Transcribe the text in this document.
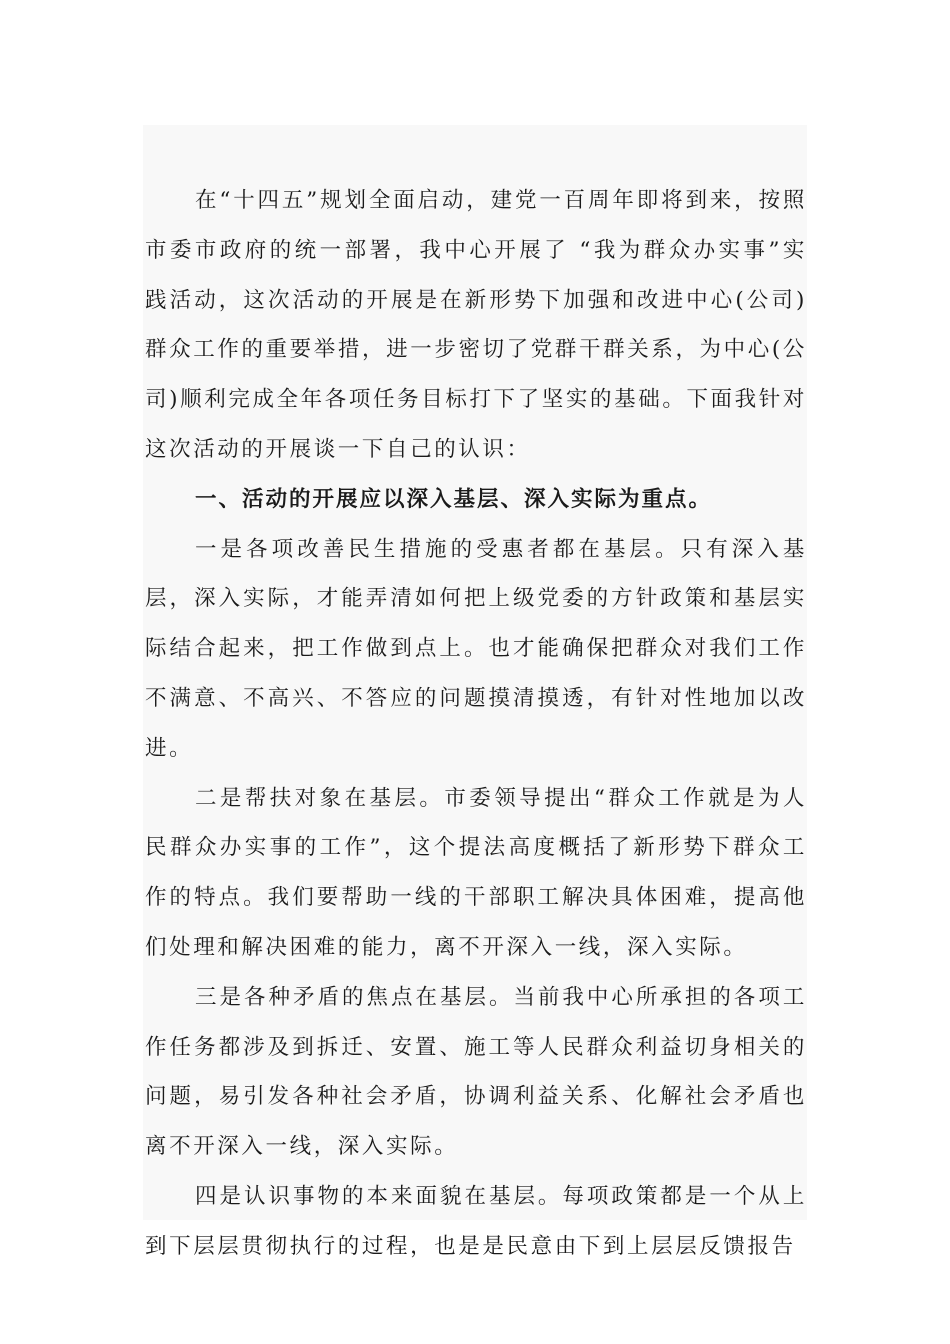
在“十四五”规划全面启动，建党一百周年即将到来，按照市委市政府的统一部署，我中心开展了 “我为群众办实事”实践活动，这次活动的开展是在新形势下加强和改进中心(公司)群众工作的重要举措，进一步密切了党群干群关系，为中心(公司)顺利完成全年各项任务目标打下了坚实的基础。下面我针对这次活动的开展谈一下自己的认识：

一、活动的开展应以深入基层、深入实际为重点。

一是各项改善民生措施的受惠者都在基层。只有深入基层，深入实际，才能弄清如何把上级党委的方针政策和基层实际结合起来，把工作做到点上。也才能确保把群众对我们工作不满意、不高兴、不答应的问题摸清摸透，有针对性地加以改进。

二是帮扶对象在基层。市委领导提出“群众工作就是为人民群众办实事的工作”，这个提法高度概括了新形势下群众工作的特点。我们要帮助一线的干部职工解决具体困难，提高他们处理和解决困难的能力，离不开深入一线，深入实际。

三是各种矛盾的焦点在基层。当前我中心所承担的各项工作任务都涉及到拆迁、安置、施工等人民群众利益切身相关的问题，易引发各种社会矛盾，协调利益关系、化解社会矛盾也离不开深入一线，深入实际。

四是认识事物的本来面貌在基层。每项政策都是一个从上到下层层贯彻执行的过程，也是是民意由下到上层层反馈报告
